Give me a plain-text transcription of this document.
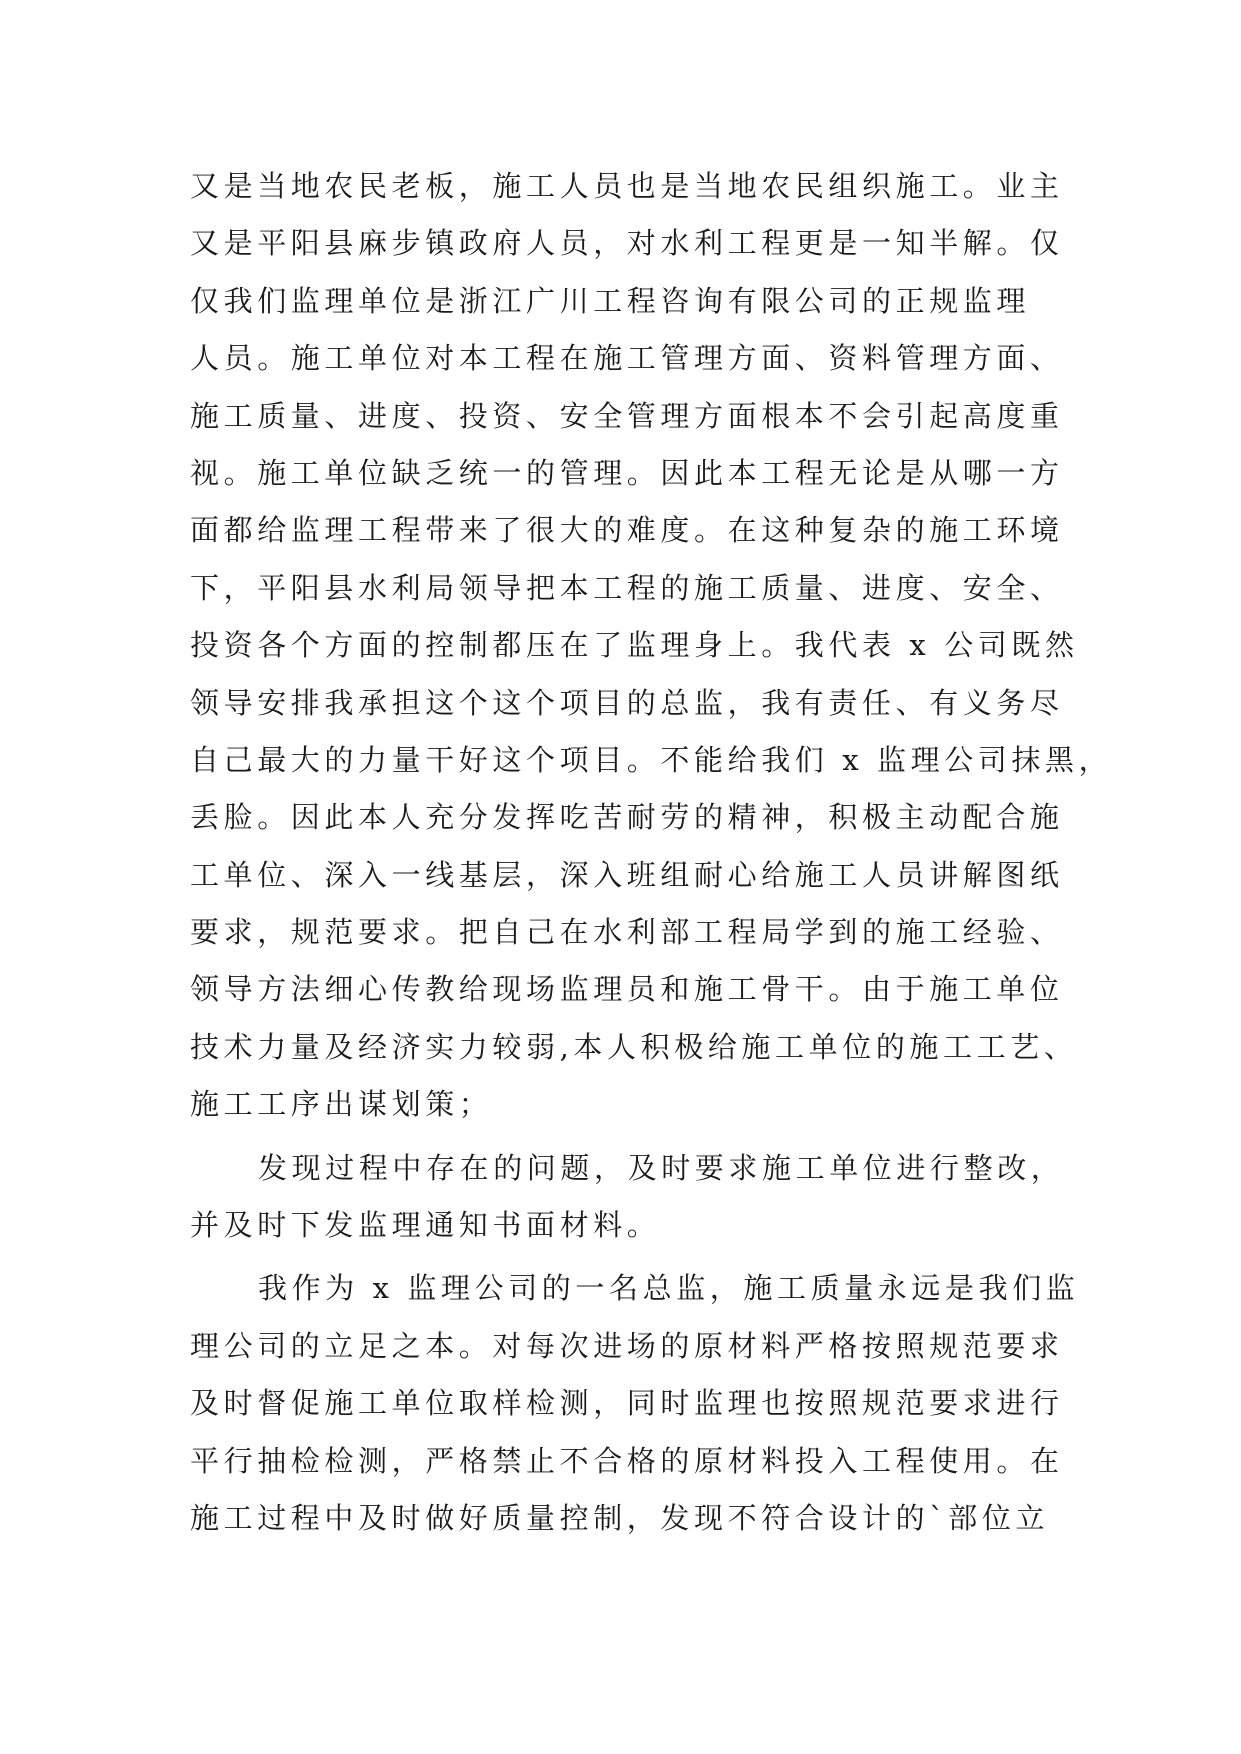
又是当地农民老板，施工人员也是当地农民组织施工。业主

又是平阳县麻步镇政府人员，对水利工程更是一知半解。仅

仅我们监理单位是浙江广川工程咨询有限公司的正规监理

人员。施工单位对本工程在施工管理方面、资料管理方面、

施工质量、进度、投资、安全管理方面根本不会引起高度重

视。施工单位缺乏统一的管理。因此本工程无论是从哪一方

面都给监理工程带来了很大的难度。在这种复杂的施工环境

下，平阳县水利局领导把本工程的施工质量、进度、安全、

投资各个方面的控制都压在了监理身上。我代表 x 公司既然

领导安排我承担这个这个项目的总监，我有责任、有义务尽

自己最大的力量干好这个项目。不能给我们 x 监理公司抹黑，

丢脸。因此本人充分发挥吃苦耐劳的精神，积极主动配合施

工单位、深入一线基层，深入班组耐心给施工人员讲解图纸

要求，规范要求。把自己在水利部工程局学到的施工经验、

领导方法细心传教给现场监理员和施工骨干。由于施工单位

技术力量及经济实力较弱,本人积极给施工单位的施工工艺、

施工工序出谋划策；

发现过程中存在的问题，及时要求施工单位进行整改，

并及时下发监理通知书面材料。

我作为 x 监理公司的一名总监，施工质量永远是我们监

理公司的立足之本。对每次进场的原材料严格按照规范要求

及时督促施工单位取样检测，同时监理也按照规范要求进行

平行抽检检测，严格禁止不合格的原材料投入工程使用。在

施工过程中及时做好质量控制，发现不符合设计的`部位立
